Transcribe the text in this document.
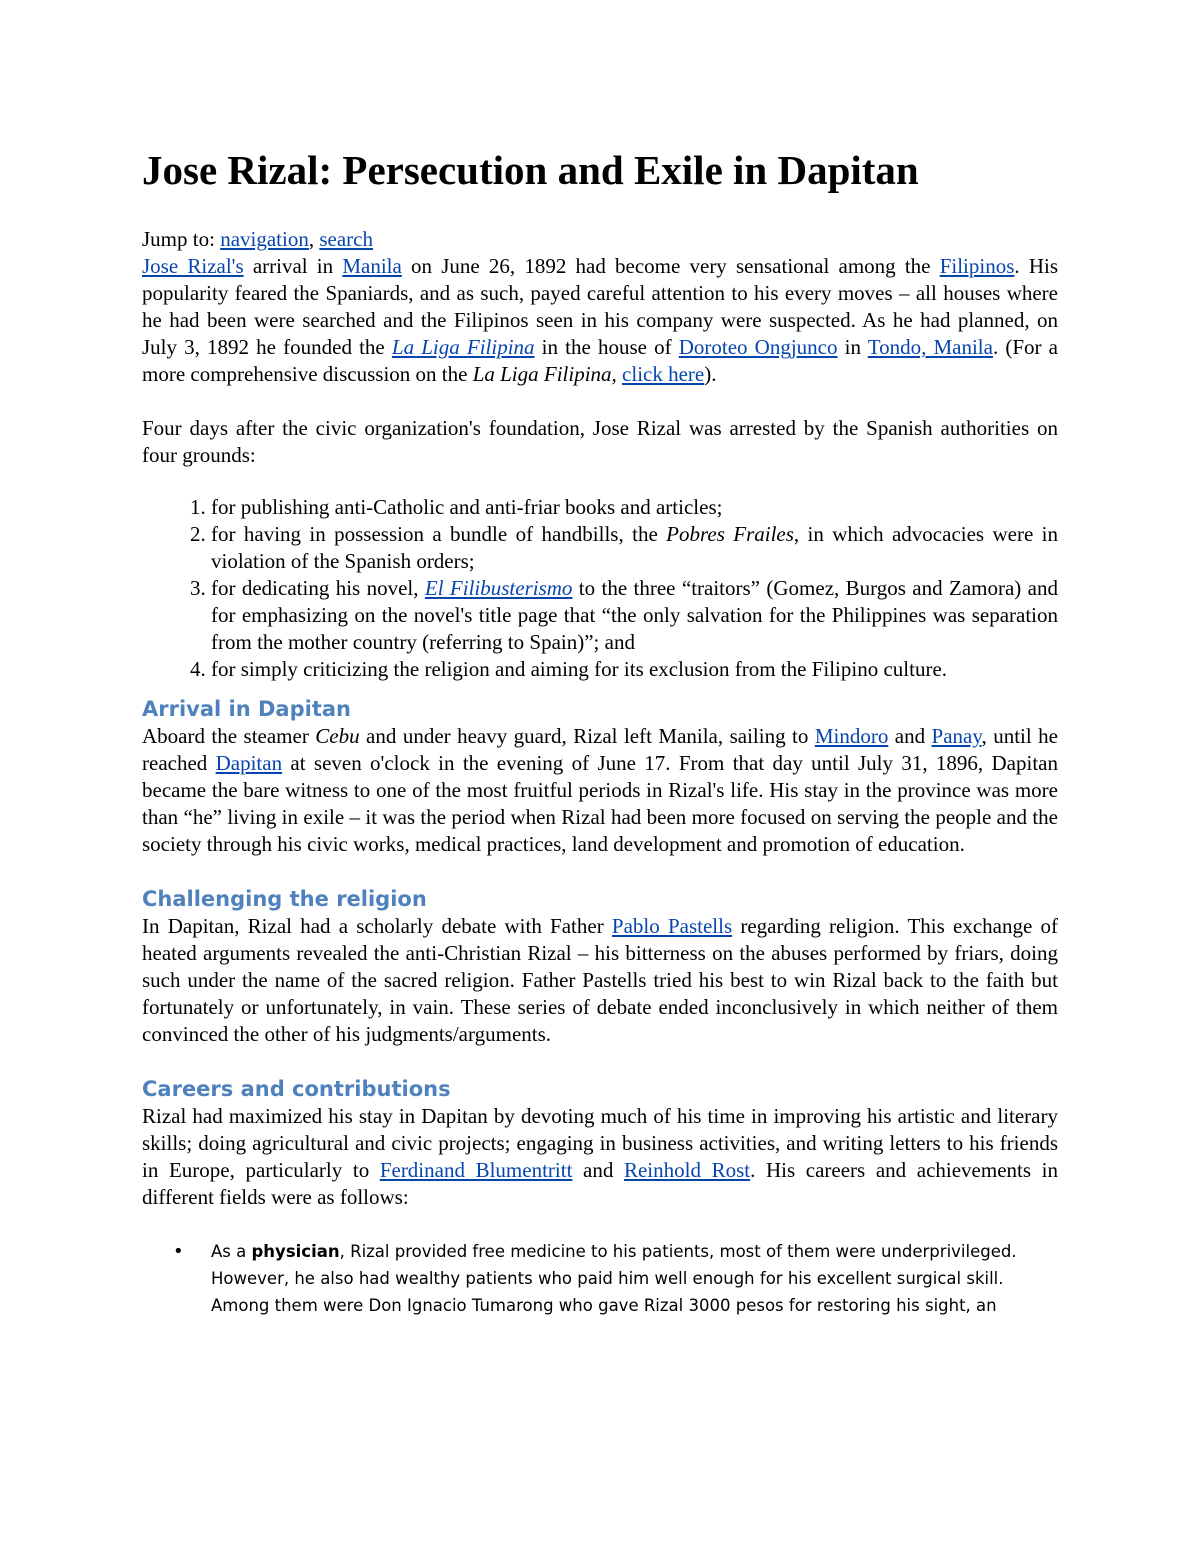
Jose Rizal: Persecution and Exile in Dapitan

Jump to: navigation, search

Jose Rizal's arrival in Manila on June 26, 1892 had become very sensational among the Filipinos. His popularity feared the Spaniards, and as such, payed careful attention to his every moves – all houses where he had been were searched and the Filipinos seen in his company were suspected. As he had planned, on July 3, 1892 he founded the La Liga Filipina in the house of Doroteo Ongjunco in Tondo, Manila. (For a more comprehensive discussion on the La Liga Filipina, click here).

Four days after the civic organization's foundation, Jose Rizal was arrested by the Spanish authorities on four grounds:

1. for publishing anti-Catholic and anti-friar books and articles;
2. for having in possession a bundle of handbills, the Pobres Frailes, in which advocacies were in violation of the Spanish orders;
3. for dedicating his novel, El Filibusterismo to the three “traitors” (Gomez, Burgos and Zamora) and for emphasizing on the novel's title page that “the only salvation for the Philippines was separation from the mother country (referring to Spain)”; and
4. for simply criticizing the religion and aiming for its exclusion from the Filipino culture.
Arrival in Dapitan

Aboard the steamer Cebu and under heavy guard, Rizal left Manila, sailing to Mindoro and Panay, until he reached Dapitan at seven o'clock in the evening of June 17. From that day until July 31, 1896, Dapitan became the bare witness to one of the most fruitful periods in Rizal's life. His stay in the province was more than “he” living in exile – it was the period when Rizal had been more focused on serving the people and the society through his civic works, medical practices, land development and promotion of education.

Challenging the religion

In Dapitan, Rizal had a scholarly debate with Father Pablo Pastells regarding religion. This exchange of heated arguments revealed the anti-Christian Rizal – his bitterness on the abuses performed by friars, doing such under the name of the sacred religion. Father Pastells tried his best to win Rizal back to the faith but fortunately or unfortunately, in vain. These series of debate ended inconclusively in which neither of them convinced the other of his judgments/arguments.

Careers and contributions

Rizal had maximized his stay in Dapitan by devoting much of his time in improving his artistic and literary skills; doing agricultural and civic projects; engaging in business activities, and writing letters to his friends in Europe, particularly to Ferdinand Blumentritt and Reinhold Rost. His careers and achievements in different fields were as follows:

• As a physician, Rizal provided free medicine to his patients, most of them were underprivileged. However, he also had wealthy patients who paid him well enough for his excellent surgical skill. Among them were Don Ignacio Tumarong who gave Rizal 3000 pesos for restoring his sight, an
